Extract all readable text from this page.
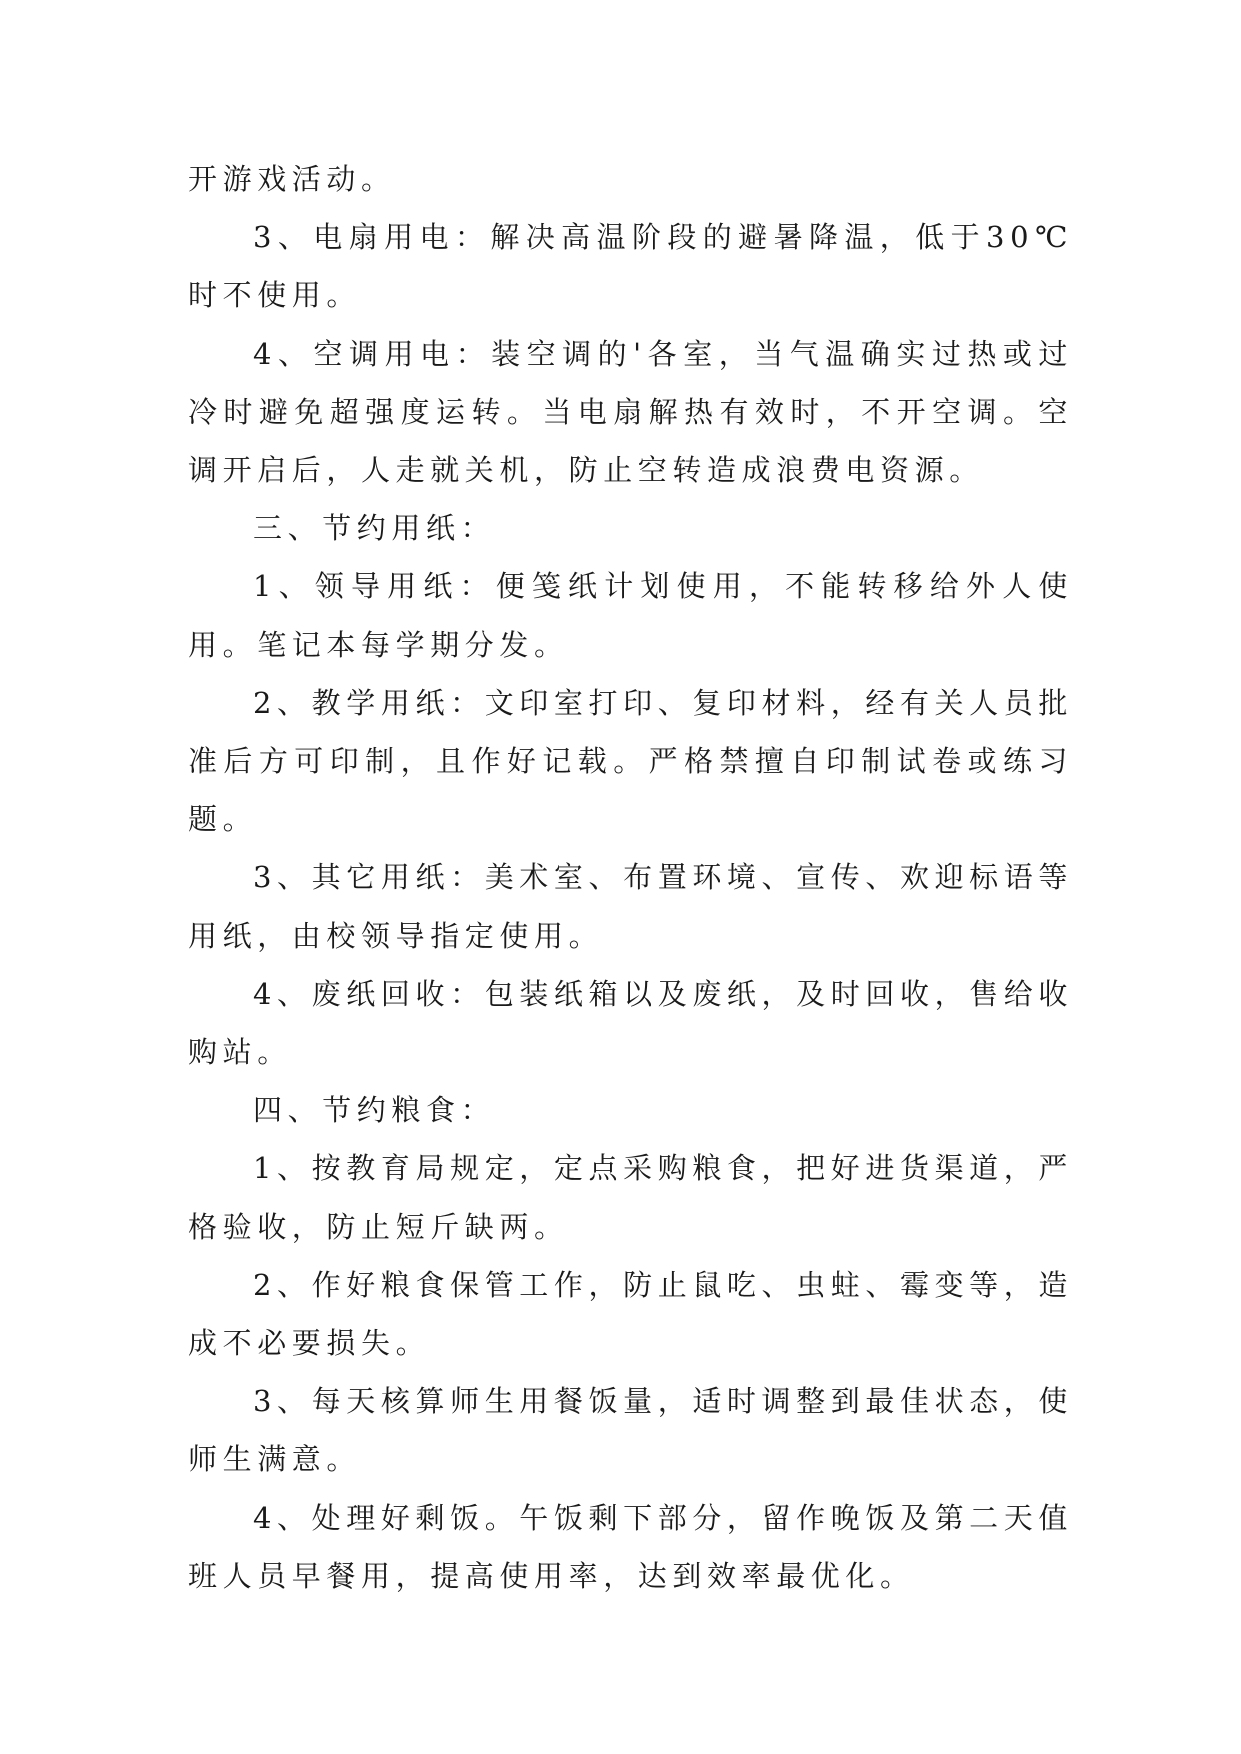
开游戏活动。

3、电扇用电：解决高温阶段的避暑降温，低于30℃时不使用。

4、空调用电：装空调的'各室，当气温确实过热或过冷时避免超强度运转。当电扇解热有效时，不开空调。空调开启后，人走就关机，防止空转造成浪费电资源。

三、节约用纸：

1、领导用纸：便笺纸计划使用，不能转移给外人使用。笔记本每学期分发。

2、教学用纸：文印室打印、复印材料，经有关人员批准后方可印制，且作好记载。严格禁擅自印制试卷或练习题。

3、其它用纸：美术室、布置环境、宣传、欢迎标语等用纸，由校领导指定使用。

4、废纸回收：包装纸箱以及废纸，及时回收，售给收购站。

四、节约粮食：

1、按教育局规定，定点采购粮食，把好进货渠道，严格验收，防止短斤缺两。

2、作好粮食保管工作，防止鼠吃、虫蛀、霉变等，造成不必要损失。

3、每天核算师生用餐饭量，适时调整到最佳状态，使师生满意。

4、处理好剩饭。午饭剩下部分，留作晚饭及第二天值班人员早餐用，提高使用率，达到效率最优化。
